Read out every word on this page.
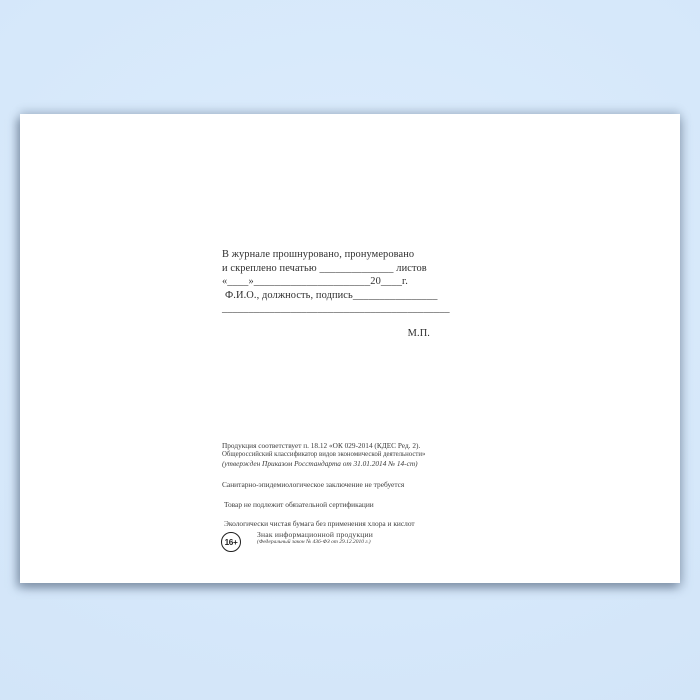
В журнале прошнуровано, пронумеровано
и скреплено печатью ______________ листов
«____»______________________20____г.
Ф.И.О., должность, подпись________________
___________________________________________
М.П.
Продукция соответствует п. 18.12 «ОК 029-2014 (КДЕС Ред. 2).
Общероссийский классификатор видов экономической деятельности»
(утвержден Приказом Росстандарта от 31.01.2014 № 14-ст)
Санитарно-эпидемиологическое заключение не требуется
Товар не подлежит обязательной сертификации
Экологически чистая бумага без применения хлора и кислот
16+
Знак информационной продукции
(Федеральный закон № 436-ФЗ от 29.12.2010 г.)
